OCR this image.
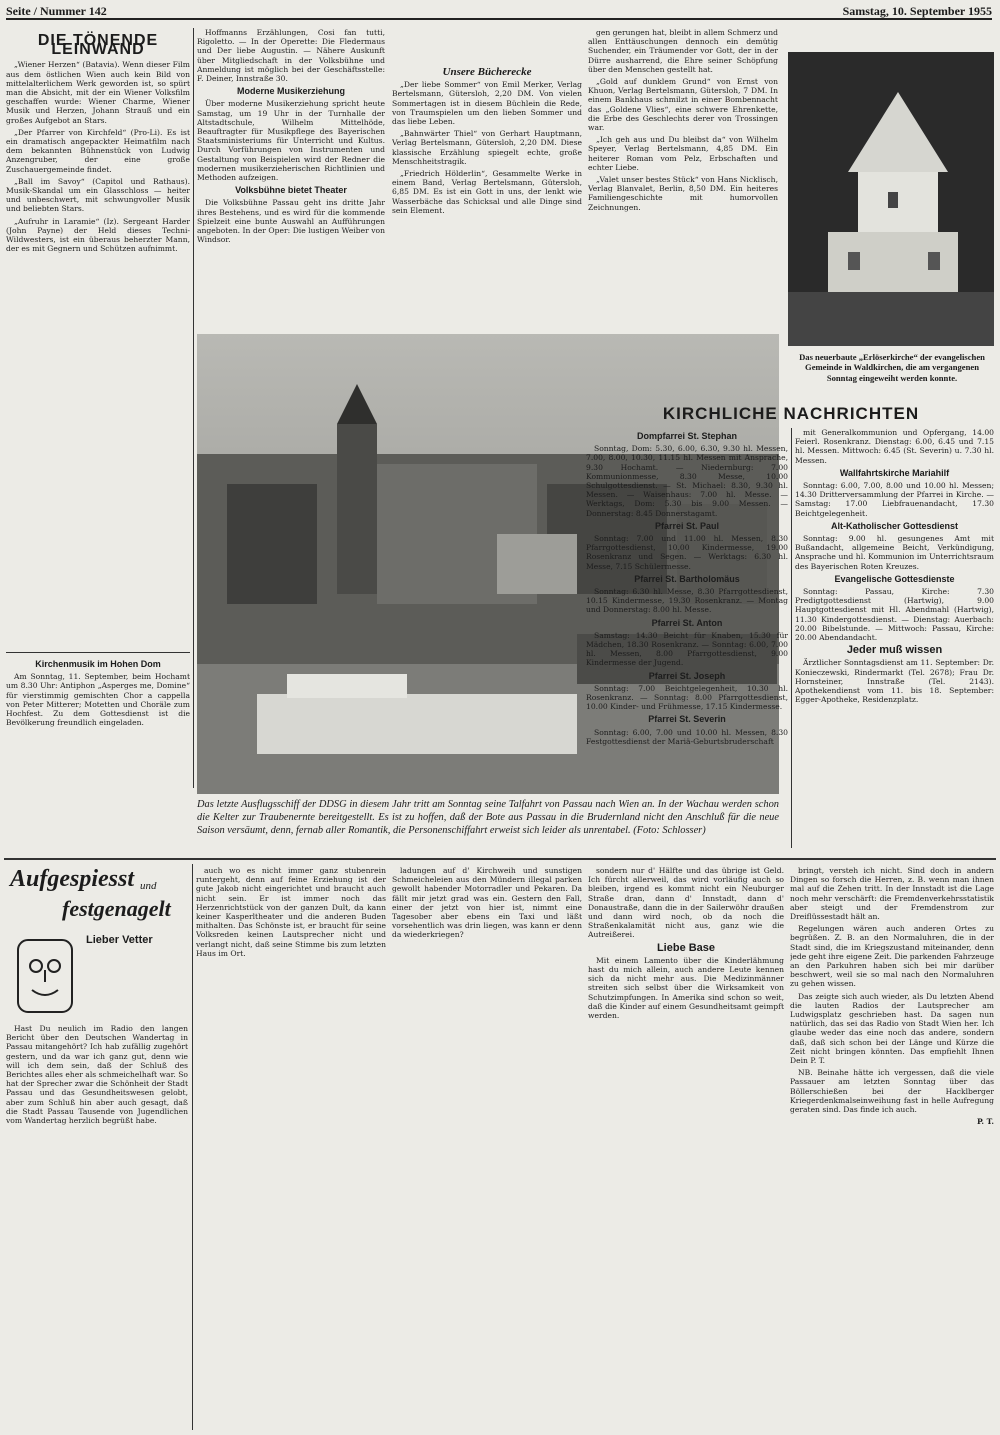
Seite / Nummer 142	Samstag, 10. September 1955
DIE TÖNENDE LEINWAND

„Wiener Herzen“ (Batavia). Wenn dieser Film aus dem östlichen Wien auch kein Bild von mittelalterlichem Werk geworden ist, so spürt man die Absicht, mit der ein Wiener Volksfilm geschaffen wurde: Wiener Charme, Wiener Musik und Herzen, Johann Strauß und ein großes Aufgebot an Stars.

„Der Pfarrer von Kirchfeld“ (Pro-Li). Es ist ein dramatisch angepackter Heimatfilm nach dem bekannten Bühnenstück von Ludwig Anzengruber, der eine große Zuschauergemeinde findet.

„Ball im Savoy“ (Capitol und Rathaus). Musik-Skandal um ein Glasschloss — heiter und unbeschwert, mit schwungvoller Musik und beliebten Stars.

„Aufruhr in Laramie“ (Iz). Sergeant Harder (John Payne) der Held dieses Techni-Wildwesters, ist ein überaus beherzter Mann, der es mit Gegnern und Schützen aufnimmt.

Kirchenmusik im Hohen Dom

Am Sonntag, 11. September, beim Hochamt um 8.30 Uhr: Antiphon „Asperges me, Domine“ für vierstimmig gemischten Chor a cappella von Peter Mitterer; Motetten und Choräle zum Hochfest. Zu dem Gottesdienst ist die Bevölkerung freundlich eingeladen.

Hoffmanns Erzählungen, Cosi fan tutti, Rigoletto. — In der Operette: Die Fledermaus und Der liebe Augustin. — Nähere Auskunft über Mitgliedschaft in der Volksbühne und Anmeldung ist möglich bei der Geschäftsstelle: F. Deiner, Innstraße 30.

Moderne Musikerziehung

Über moderne Musikerziehung spricht heute Samstag, um 19 Uhr in der Turnhalle der Altstadtschule, Wilhelm Mittelhöde, Beauftragter für Musikpflege des Bayerischen Staatsministeriums für Unterricht und Kultus. Durch Vorführungen von Instrumenten und Gestaltung von Beispielen wird der Redner die modernen musikerzieherischen Richtlinien und Methoden aufzeigen.

Volksbühne bietet Theater

Die Volksbühne Passau geht ins dritte Jahr ihres Bestehens, und es wird für die kommende Spielzeit eine bunte Auswahl an Aufführungen angeboten. In der Oper: Die lustigen Weiber von Windsor.

Unsere Bücherecke

„Der liebe Sommer“ von Emil Merker, Verlag Bertelsmann, Gütersloh, 2,20 DM. Von vielen Sommertagen ist in diesem Büchlein die Rede, von Traumspielen um den lieben Sommer und das liebe Leben.

„Bahnwärter Thiel“ von Gerhart Hauptmann, Verlag Bertelsmann, Gütersloh, 2,20 DM. Diese klassische Erzählung spiegelt echte, große Menschheitstragik.

„Friedrich Hölderlin“, Gesammelte Werke in einem Band, Verlag Bertelsmann, Gütersloh, 6,85 DM. Es ist ein Gott in uns, der lenkt wie Wasserbäche das Schicksal und alle Dinge sind sein Element.

Das letzte Ausflugsschiff der DDSG in diesem Jahr tritt am Sonntag seine Talfahrt von Passau nach Wien an. In der Wachau werden schon die Kelter zur Traubenernte bereitgestellt. Es ist zu hoffen, daß der Bote aus Passau in die Brudernland nicht den Anschluß für die neue Saison versäumt, denn, fernab aller Romantik, die Personenschiffahrt erweist sich leider als unrentabel. (Foto: Schlosser)

gen gerungen hat, bleibt in allem Schmerz und allen Enttäuschungen dennoch ein demütig Suchender, ein Träumender vor Gott, der in der Dürre ausharrend, die Ehre seiner Schöpfung über den Menschen gestellt hat.

„Gold auf dunklem Grund“ von Ernst von Khuon, Verlag Bertelsmann, Gütersloh, 7 DM. In einem Bankhaus schmilzt in einer Bombennacht das „Goldene Vlies“, eine schwere Ehrenkette, die Erbe des Geschlechts derer von Trossingen war.

„Ich geh aus und Du bleibst da“ von Wilhelm Speyer, Verlag Bertelsmann, 4,85 DM. Ein heiterer Roman vom Pelz, Erbschaften und echter Liebe.

„Valet unser bestes Stück“ von Hans Nicklisch, Verlag Blanvalet, Berlin, 8,50 DM. Ein heiteres Familiengeschichte mit humorvollen Zeichnungen.

Das neuerbaute „Erlöserkirche“ der evangelischen Gemeinde in Waldkirchen, die am vergangenen Sonntag eingeweiht werden konnte.
KIRCHLICHE NACHRICHTEN
Dompfarrei St. Stephan

Sonntag, Dom: 5.30, 6.00, 6.30, 9.30 hl. Messen, 7.00, 8.00, 10.30, 11.15 hl. Messen mit Ansprache, 9.30 Hochamt. — Niedernburg: 7.00 Kommunionmesse, 8.30 Messe, 10.00 Schulgottesdienst. — St. Michael: 8.30, 9.30 hl. Messen. — Waisenhaus: 7.00 hl. Messe. — Werktags, Dom: 5.30 bis 9.00 Messen. — Donnerstag: 8.45 Donnerstagamt.

Pfarrei St. Paul

Sonntag: 7.00 und 11.00 hl. Messen, 8.30 Pfarrgottesdienst, 10.00 Kindermesse, 19.00 Rosenkranz und Segen. — Werktags: 6.30 hl. Messe, 7.15 Schülermesse.

Pfarrei St. Bartholomäus

Sonntag: 6.30 hl. Messe, 8.30 Pfarrgottesdienst, 10.15 Kindermesse, 19.30 Rosenkranz. — Montag und Donnerstag: 8.00 hl. Messe.

Pfarrei St. Anton

Samstag: 14.30 Beicht für Knaben, 15.30 für Mädchen, 18.30 Rosenkranz. — Sonntag: 6.00, 7.00 hl. Messen, 8.00 Pfarrgottesdienst, 9.00 Kindermesse der Jugend.

Pfarrei St. Joseph

Sonntag: 7.00 Beichtgelegenheit, 10.30 hl. Rosenkranz. — Sonntag: 8.00 Pfarrgottesdienst, 10.00 Kinder- und Frühmesse, 17.15 Kindermesse.

Pfarrei St. Severin

Sonntag: 6.00, 7.00 und 10.00 hl. Messen, 8.30 Festgottesdienst der Mariä-Geburtsbruderschaft

mit Generalkommunion und Opfergang, 14.00 Feierl. Rosenkranz. Dienstag: 6.00, 6.45 und 7.15 hl. Messen. Mittwoch: 6.45 (St. Severin) u. 7.30 hl. Messen.

Wallfahrtskirche Mariahilf

Sonntag: 6.00, 7.00, 8.00 und 10.00 hl. Messen; 14.30 Dritterversammlung der Pfarrei in Kirche. — Samstag: 17.00 Liebfrauenandacht, 17.30 Beichtgelegenheit.

Alt-Katholischer Gottesdienst

Sonntag: 9.00 hl. gesungenes Amt mit Bußandacht, allgemeine Beicht, Verkündigung, Ansprache und hl. Kommunion im Unterrichtsraum des Bayerischen Roten Kreuzes.

Evangelische Gottesdienste

Sonntag: Passau, Kirche: 7.30 Predigtgottesdienst (Hartwig), 9.00 Hauptgottesdienst mit Hl. Abendmahl (Hartwig), 11.30 Kindergottesdienst. — Dienstag: Auerbach: 20.00 Bibelstunde. — Mittwoch: Passau, Kirche: 20.00 Abendandacht.

Jeder muß wissen

Ärztlicher Sonntagsdienst am 11. September: Dr. Konieczewski, Rindermarkt (Tel. 2678); Frau Dr. Hornsteiner, Innstraße (Tel. 2143). Apothekendienst vom 11. bis 18. September: Egger-Apotheke, Residenzplatz.

Aufgespiesst und
festgenagelt
Lieber Vetter

Hast Du neulich im Radio den langen Bericht über den Deutschen Wandertag in Passau mitangehört? Ich hab zufällig zugehört gestern, und da war ich ganz gut, denn wie will ich dem sein, daß der Schluß des Berichtes alles eher als schmeichelhaft war. So hat der Sprecher zwar die Schönheit der Stadt Passau und das Gesundheitswesen gelobt, aber zum Schluß hin aber auch gesagt, daß die Stadt Passau Tausende von Jugendlichen vom Wandertag herzlich begrüßt habe.

auch wo es nicht immer ganz stubenrein runtergeht, denn auf feine Erziehung ist der gute Jakob nicht eingerichtet und braucht auch nicht sein. Er ist immer noch das Herzenrichtstück von der ganzen Dult, da kann keiner Kasperltheater und die anderen Buden mithalten. Das Schönste ist, er braucht für seine Volksreden keinen Lautsprecher nicht und verlangt nicht, daß seine Stimme bis zum letzten Haus im Ort.

ladungen auf d' Kirchweih und sunstigen Schmeicheleien aus den Mündern illegal parken gewollt habender Motorradler und Pekaren. Da fällt mir jetzt grad was ein. Gestern den Fall, einer der jetzt von hier ist, nimmt eine Tagesober aber ebens ein Taxi und läßt vorsehentlich was drin liegen, was kann er denn da wiederkriegen?

sondern nur d' Hälfte und das übrige ist Geld. Ich fürcht allerweil, das wird vorläufig auch so bleiben, irgend es kommt nicht ein Neuburger Straße dran, dann d' Innstadt, dann d' Donaustraße, dann die in der Sailerwöhr draußen und dann wird noch, ob da noch die Straßenkalamität nicht aus, ganz wie die Autreißerei.

Liebe Base

Mit einem Lamento über die Kinderlähmung hast du mich allein, auch andere Leute kennen sich da nicht mehr aus. Die Medizinmänner streiten sich selbst über die Wirksamkeit von Schutzimpfungen. In Amerika sind schon so weit, daß die Kinder auf einem Gesundheitsamt geimpft werden.

bringt, versteh ich nicht. Sind doch in andern Dingen so forsch die Herren, z. B. wenn man ihnen mal auf die Zehen tritt. In der Innstadt ist die Lage noch mehr verschärft: die Fremdenverkehrsstatistik aber steigt und der Fremdenstrom zur Dreiflüssestadt hält an.

Regelungen wären auch anderen Ortes zu begrüßen. Z. B. an den Normaluhren, die in der Stadt sind, die im Kriegszustand miteinander, denn jede geht ihre eigene Zeit. Die parkenden Fahrzeuge an den Parkuhren haben sich bei mir darüber beschwert, weil sie so mal nach den Normaluhren zu gehen wissen.

Das zeigte sich auch wieder, als Du letzten Abend die lauten Radios der Lautsprecher am Ludwigsplatz geschrieben hast. Da sagen nun natürlich, das sei das Radio von Stadt Wien her. Ich glaube weder das eine noch das andere, sondern daß, daß sich schon bei der Länge und Kürze die Zeit nicht bringen könnten. Das empfiehlt Ihnen Dein P. T.

NB. Beinahe hätte ich vergessen, daß die viele Passauer am letzten Sonntag über das Böllerschießen bei der Hacklberger Kriegerdenkmalseinweihung fast in helle Aufregung geraten sind. Das finde ich auch.

P. T.
